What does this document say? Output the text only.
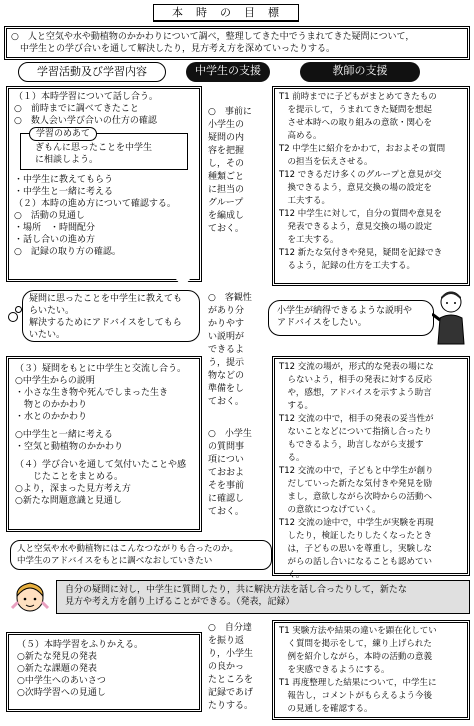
本　時　の　目　標
○　人と空気や水や動植物のかかわりについて調べ，整理してきた中でうまれてきた疑問について，
　中学生との学び合いを通して解決したり，見方考え方を深めていったりする。
学習活動及び学習内容	中学生の支援	教師の支援
（１）本時学習について話し合う。
○　前時までに調べてきたこと
○　数人会い学び合いの仕方の確認
学習のめあて
ぎもんに思ったことを中学生
に相談しよう。
・中学生に教えてもらう
・中学生と一緒に考える
（２）本時の進め方について確認する。
○　活動の見通し
・場所　・時間配分
・話し合いの進め方
○　記録の取り方の確認。
○　事前に
小学生の
疑問の内
容を把握
し，その
種類ごと
に担当の
グループ
を編成し
ておく。
T1 前時までに子どもがまとめてきたもの
　を提示して，うまれてきた疑問を想起
　させ本時への取り組みの意欲・関心を
　高める。
T2 中学生に紹介をかわて，おおよその質問
　の担当を伝えさせる。
T12 できるだけ多くのグループと意見が交
　換できるよう，意見交換の場の設定を
　工夫する。
T12 中学生に対して，自分の質問や意見を
　発表できるよう，意見交換の場の設定
　を工夫する。
T12 新たな気付きや発見，疑問を記録でき
　るよう，記録の仕方を工夫する。
疑問に思ったことを中学生に教えても
らいたい。
解決するためにアドバイスをしてもら
いたい。
○　客観性
があり分
かりやす
い説明が
できるよ
う，提示
物などの
準備をし
ておく。
小学生が納得できるような説明や
アドバイスをしたい。
（３）疑問をもとに中学生と交流し合う。
○中学生からの説明
・小さな生き物や死んでしまった生き
　物とのかかわり
・水とのかかわり
○中学生と一緒に考える
・空気と動植物のかかわり
（４）学び合いを通して気付いたことや感
　　じたことをまとめる。
○より，深まった見方考え方
○新たな問題意識と見通し
○　小学生
の質問事
項につい
ておおよ
そを事前
に確認し
ておく。
T12 交流の場が，形式的な発表の場にな
　らないよう，相手の発表に対する反応
　や，感想，アドバイスを示すよう助言
　する。
T12 交流の中で，相手の発表の妥当性が
　ないことなどについて指摘し合ったり
　もできるよう，助言しながら支援す
　る。
T12 交流の中で，子どもと中学生が創り
　だしていった新たな気付きや発見を励
　まし，意欲しながら次時からの活動へ
　の意欲につなげていく。
T12 交流の途中で，中学生が実験を再現
　したり，検証したりしたくなったとき
　は，子どもの思いを尊重し，実験しな
　がらの話し合いになることも認めてい
　く。
人と空気や水や動植物にはこんなつながりも合ったのか。
中学生のアドバイスをもとに調べなおしていきたい
自分の疑問に対し，中学生に質問したり，共に解決方法を話し合ったりして，新たな
見方や考え方を創り上げることができる。（発表，記録）
（５）本時学習をふりかえる。
○新たな発見の発表
○新たな課題の発表
○中学生へのあいさつ
○次時学習への見通し
○　自分達
を振り返
り，小学生
の良かっ
たところを
記録であげ
たりする。
T1 実験方法や結果の違いを顕在化してい
　く質問を掲示をして，練り上げられた
　例を紹介しながら，本時の活動の意義
　を実感できるようにする。
T1 再度整理した結果について，中学生に
　報告し，コメントがもらえるよう今後
　の見通しを確認する。
